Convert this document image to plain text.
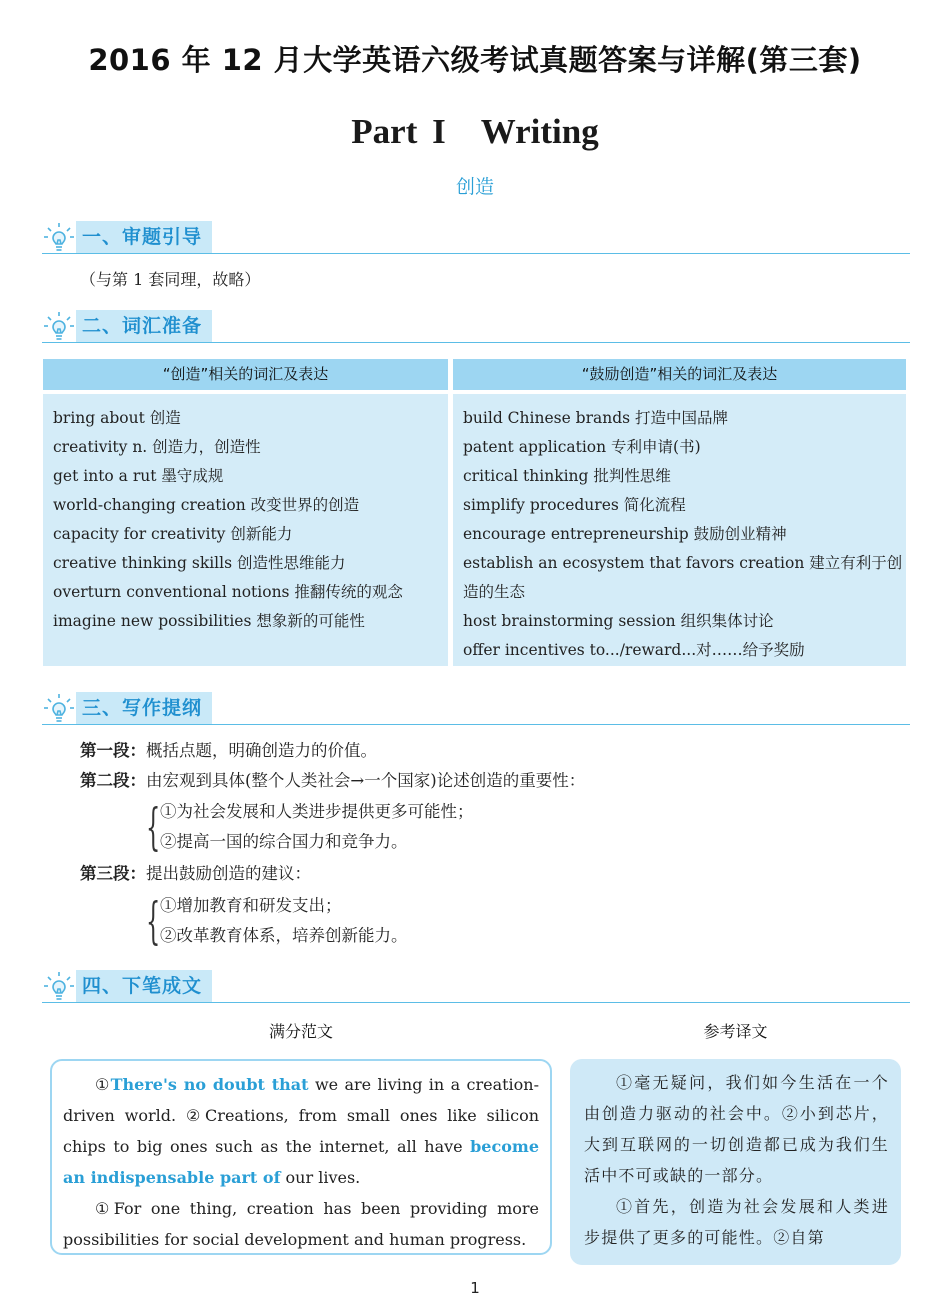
2016 年 12 月大学英语六级考试真题答案与详解(第三套)
Part I　Writing
创造
一、审题引导
（与第 1 套同理，故略）
二、词汇准备
“创造”相关的词汇及表达	“鼓励创造”相关的词汇及表达
bring about 创造
creativity n. 创造力，创造性
get into a rut 墨守成规
world-changing creation 改变世界的创造
capacity for creativity 创新能力
creative thinking skills 创造性思维能力
overturn conventional notions 推翻传统的观念
imagine new possibilities 想象新的可能性
build Chinese brands 打造中国品牌
patent application 专利申请(书)
critical thinking 批判性思维
simplify procedures 简化流程
encourage entrepreneurship 鼓励创业精神
establish an ecosystem that favors creation 建立有利于创
造的生态
host brainstorming session 组织集体讨论
offer incentives to.../reward...对……给予奖励
三、写作提纲
第一段：概括点题，明确创造力的价值。
第二段：由宏观到具体(整个人类社会→一个国家)论述创造的重要性：
{ ①为社会发展和人类进步提供更多可能性；
②提高一国的综合国力和竞争力。
第三段：提出鼓励创造的建议：
{ ①增加教育和研发支出；
②改革教育体系，培养创新能力。
四、下笔成文
满分范文	参考译文

①There's no doubt that we are living in a creation-driven world. ②Creations, from small ones like silicon chips to big ones such as the internet, all have become an indispensable part of our lives.

①For one thing, creation has been providing more possibilities for social development and human progress.

①毫无疑问，我们如今生活在一个由创造力驱动的社会中。②小到芯片，大到互联网的一切创造都已成为我们生活中不可或缺的一部分。

①首先，创造为社会发展和人类进步提供了更多的可能性。②自第

1
